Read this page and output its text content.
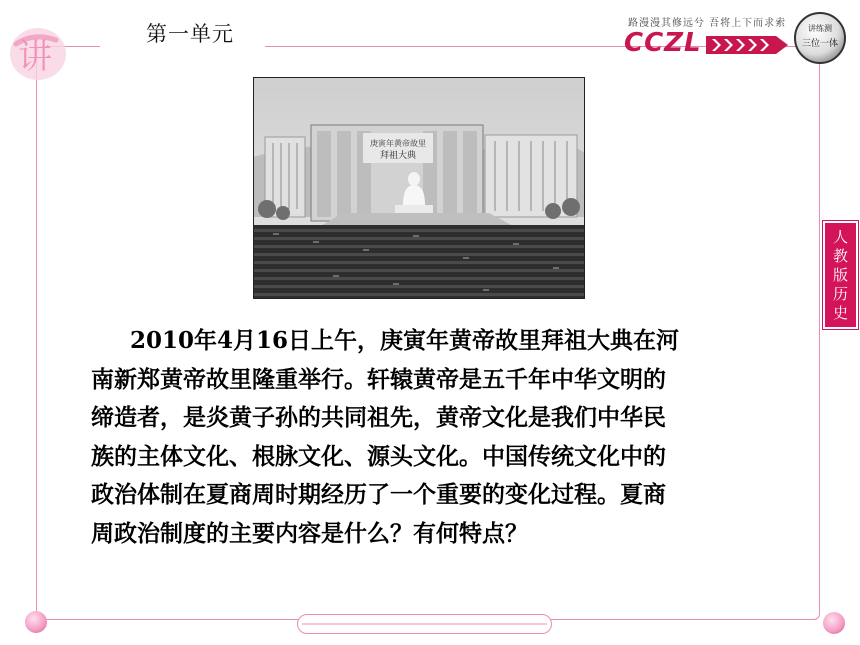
讲
第一单元	路漫漫其修远兮 吾将上下而求索
CCZL	讲练测
三位一体
人
教
版
历
史
庚寅年黄帝故里
拜祖大典
2010年4月16日上午，庚寅年黄帝故里拜祖大典在河
南新郑黄帝故里隆重举行。轩辕黄帝是五千年中华文明的
缔造者，是炎黄子孙的共同祖先，黄帝文化是我们中华民
族的主体文化、根脉文化、源头文化。中国传统文化中的
政治体制在夏商周时期经历了一个重要的变化过程。夏商
周政治制度的主要内容是什么？有何特点？
